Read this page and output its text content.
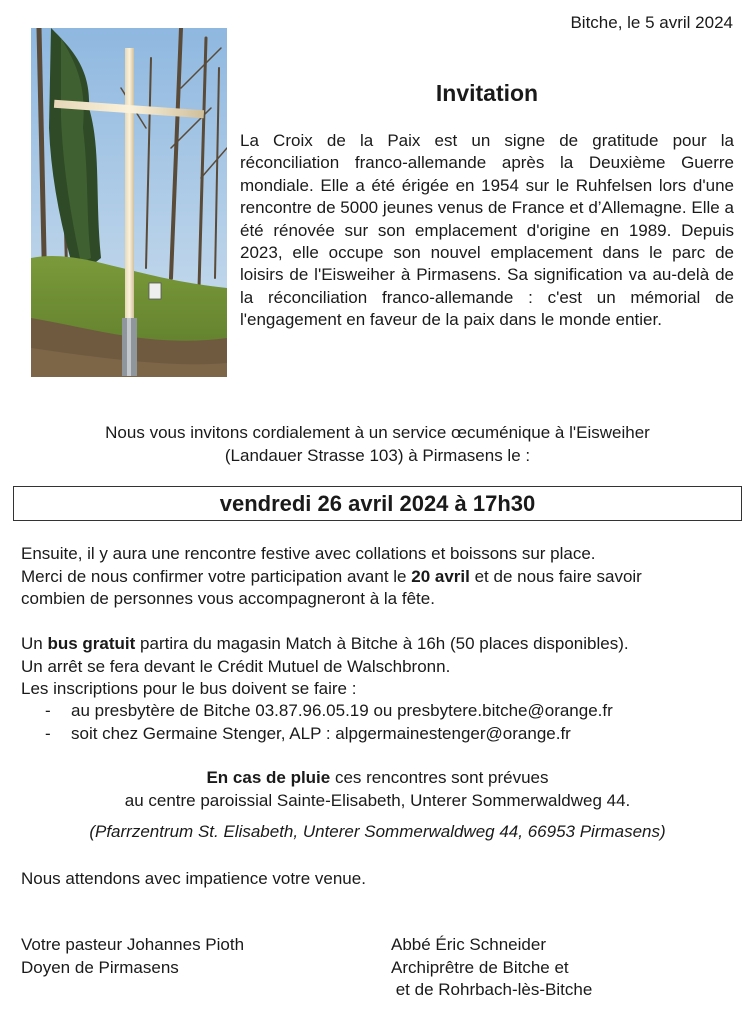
Bitche, le 5 avril 2024
Invitation
La Croix de la Paix est un signe de gratitude pour la réconciliation franco-allemande après la Deuxième Guerre mondiale. Elle a été érigée en 1954 sur le Ruhfelsen lors d'une rencontre de 5000 jeunes venus de France et d’Allemagne. Elle a été rénovée sur son emplacement d'origine en 1989. Depuis 2023, elle occupe son nouvel emplacement dans le parc de loisirs de l'Eisweiher à Pirmasens. Sa signification va au-delà de la réconciliation franco-allemande : c'est un mémorial de l'engagement en faveur de la paix dans le monde entier.
Nous vous invitons cordialement à un service œcuménique à l'Eisweiher
(Landauer Strasse 103) à Pirmasens le :
vendredi 26 avril 2024 à 17h30
Ensuite, il y aura une rencontre festive avec collations et boissons sur place.
Merci de nous confirmer votre participation avant le 20 avril et de nous faire savoir
combien de personnes vous accompagneront à la fête.
Un bus gratuit partira du magasin Match à Bitche à 16h (50 places disponibles).
Un arrêt se fera devant le Crédit Mutuel de Walschbronn.
Les inscriptions pour le bus doivent se faire :
- au presbytère de Bitche 03.87.96.05.19 ou presbytere.bitche@orange.fr
- soit chez Germaine Stenger, ALP : alpgermainestenger@orange.fr
En cas de pluie ces rencontres sont prévues
au centre paroissial Sainte-Elisabeth, Unterer Sommerwaldweg 44.
(Pfarrzentrum St. Elisabeth, Unterer Sommerwaldweg 44, 66953 Pirmasens)
Nous attendons avec impatience votre venue.
Votre pasteur Johannes Pioth
Doyen de Pirmasens
Abbé Éric Schneider
Archiprêtre de Bitche et
et de Rohrbach-lès-Bitche
